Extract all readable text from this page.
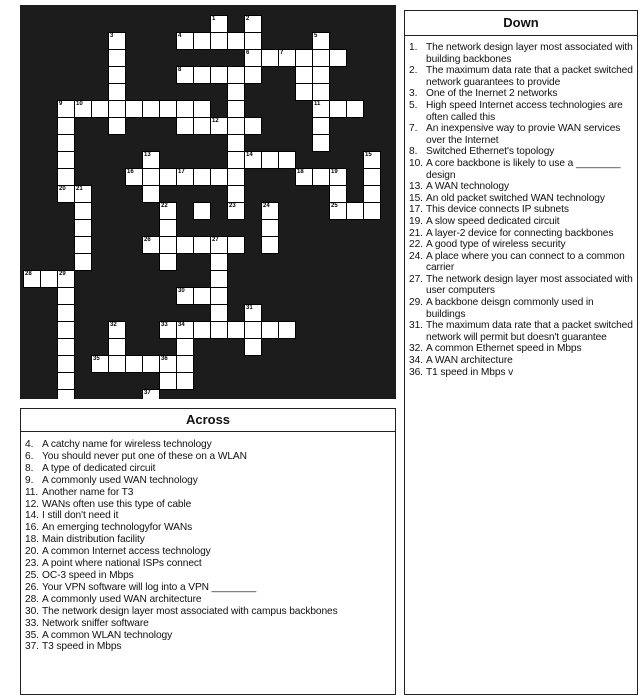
1	2
3	4	5
6	7
8
9 10	11
12
13	14	15
16	17	18	19
20 21
22	23	24	25
26	27
28	29
30
31
32	33 34
35	36
37
Down
1. The network design layer most associated with building backbones
2. The maximum data rate that a packet switched network guarantees to provide
3. One of the Inernet 2 networks
5. High speed Internet access technologies are often called this
7. An inexpensive way to provie WAN services over the Internet
8. Switched Ethernet's topology
10. A core backbone is likely to use a ________ design
13. A WAN technology
15. An old packet switched WAN technology
17. This device connects IP subnets
19. A slow speed dedicated circuit
21. A layer-2 device for connecting backbones
22. A good type of wireless security
24. A place where you can connect to a common carrier
27. The network design layer most associated with user computers
29. A backbone deisgn commonly used in buildings
31. The maximum data rate that a packet switched network will permit but doesn't guarantee
32. A common Ethernet speed in Mbps
34. A WAN architecture
36. T1 speed in Mbps v
Across
4. A catchy name for wireless technology
6. You should never put one of these on a WLAN
8. A type of dedicated circuit
9. A commonly used WAN technology
11. Another name for T3
12. WANs often use this type of cable
14. I still don't need it
16. An emerging technologyfor WANs
18. Main distribution facility
20. A common Internet access technology
23. A point where national ISPs connect
25. OC-3 speed in Mbps
26. Your VPN software will log into a VPN ________
28. A commonly used WAN architecture
30. The network design layer most associated with campus backbones
33. Network sniffer software
35. A common WLAN technology
37. T3 speed in Mbps
